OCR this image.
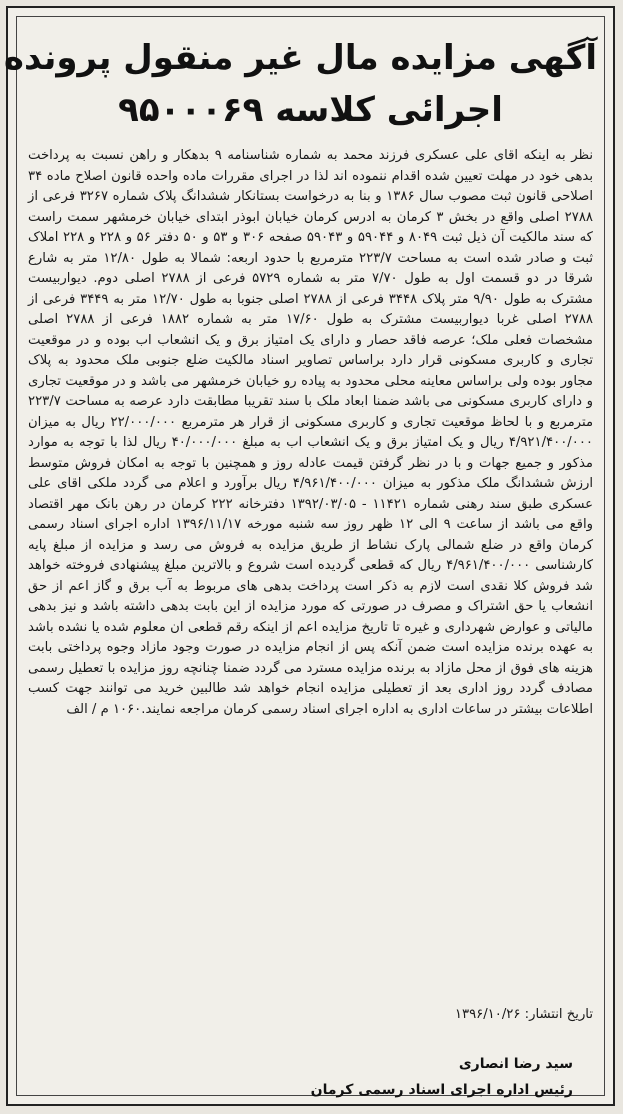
آگهی مزایده مال غیر منقول پرونده
اجرائی کلاسه ۹۵۰۰۰۶۹

نظر به اینکه اقای علی عسکری فرزند محمد به شماره شناسنامه ۹ بدهکار و راهن نسبت به پرداخت بدهی خود در مهلت تعیین شده اقدام ننموده اند لذا در اجرای مقررات ماده واحده قانون اصلاح ماده ۳۴ اصلاحی قانون ثبت مصوب سال ۱۳۸۶ و بنا به درخواست بستانکار ششدانگ پلاک شماره ۳۲۶۷ فرعی از ۲۷۸۸ اصلی واقع در بخش ۳ کرمان به ادرس کرمان خیابان ابوذر ابتدای خیابان خرمشهر سمت راست که سند مالکیت آن ذیل ثبت ۸۰۴۹ و ۵۹۰۴۴ و ۵۹۰۴۳ صفحه ۳۰۶ و ۵۳ و ۵۰ دفتر ۵۶ و ۲۲۸ و ۲۲۸ املاک ثبت و صادر شده است به مساحت ۲۲۳/۷ مترمربع با حدود اربعه: شمالا به طول ۱۲/۸۰ متر به شارع شرقا در دو قسمت اول به طول ۷/۷۰ متر به شماره ۵۷۲۹ فرعی از ۲۷۸۸ اصلی دوم. دیواربیست مشترک به طول ۹/۹۰ متر پلاک ۳۴۴۸ فرعی از ۲۷۸۸ اصلی جنوبا به طول ۱۲/۷۰ متر به ۳۴۴۹ فرعی از ۲۷۸۸ اصلی غربا دیواربیست مشترک به طول ۱۷/۶۰ متر به شماره ۱۸۸۲ فرعی از ۲۷۸۸ اصلی مشخصات فعلی ملک؛ عرصه فاقد حصار و دارای یک امتیاز برق و یک انشعاب اب بوده و در موقعیت تجاری و کاربری مسکونی قرار دارد براساس تصاویر اسناد مالکیت ضلع جنوبی ملک محدود به پلاک مجاور بوده ولی براساس معاینه محلی محدود به پیاده رو خیابان خرمشهر می باشد و در موقعیت تجاری و دارای کاربری مسکونی می باشد ضمنا ابعاد ملک با سند تقریبا مطابقت دارد عرصه به مساحت ۲۲۳/۷ مترمربع و با لحاظ موقعیت تجاری و کاربری مسکونی از قرار هر مترمربع ۲۲/۰۰۰/۰۰۰ ریال به میزان ۴/۹۲۱/۴۰۰/۰۰۰ ریال و یک امتیاز برق و یک انشعاب اب به مبلغ ۴۰/۰۰۰/۰۰۰ ریال لذا با توجه به موارد مذکور و جمیع جهات و با در نظر گرفتن قیمت عادله روز و همچنین با توجه به امکان فروش متوسط ارزش ششدانگ ملک مذکور به میزان ۴/۹۶۱/۴۰۰/۰۰۰ ریال برآورد و اعلام می گردد ملکی اقای علی عسکری طبق سند رهنی شماره ۱۱۴۲۱ - ۱۳۹۲/۰۳/۰۵ دفترخانه ۲۲۲ کرمان در رهن بانک مهر اقتصاد واقع می باشد از ساعت ۹ الی ۱۲ ظهر روز سه شنبه مورخه ۱۳۹۶/۱۱/۱۷ اداره اجرای اسناد رسمی کرمان واقع در ضلع شمالی پارک نشاط از طریق مزایده به فروش می رسد و مزایده از مبلغ پایه کارشناسی ۴/۹۶۱/۴۰۰/۰۰۰ ریال که قطعی گردیده است شروع و بالاترین مبلغ پیشنهادی فروخته خواهد شد فروش کلا نقدی است لازم به ذکر است پرداخت بدهی های مربوط به آب برق و گاز اعم از حق انشعاب یا حق اشتراک و مصرف در صورتی که مورد مزایده از این بابت بدهی داشته باشد و نیز بدهی مالیاتی و عوارض شهرداری و غیره تا تاریخ مزایده اعم از اینکه رقم قطعی ان معلوم شده یا نشده باشد به عهده برنده مزایده است ضمن آنکه پس از انجام مزایده در صورت وجود مازاد وجوه پرداختی بابت هزینه های فوق از محل مازاد به برنده مزایده مسترد می گردد ضمنا چنانچه روز مزایده با تعطیل رسمی مصادف گردد روز اداری بعد از تعطیلی مزایده انجام خواهد شد طالبین خرید می توانند جهت کسب اطلاعات بیشتر در ساعات اداری به اداره اجرای اسناد رسمی کرمان مراجعه نمایند.۱۰۶۰ م / الف

تاریخ انتشار: ۱۳۹۶/۱۰/۲۶
سید رضا انصاری
رئیس اداره اجرای اسناد رسمی کرمان
